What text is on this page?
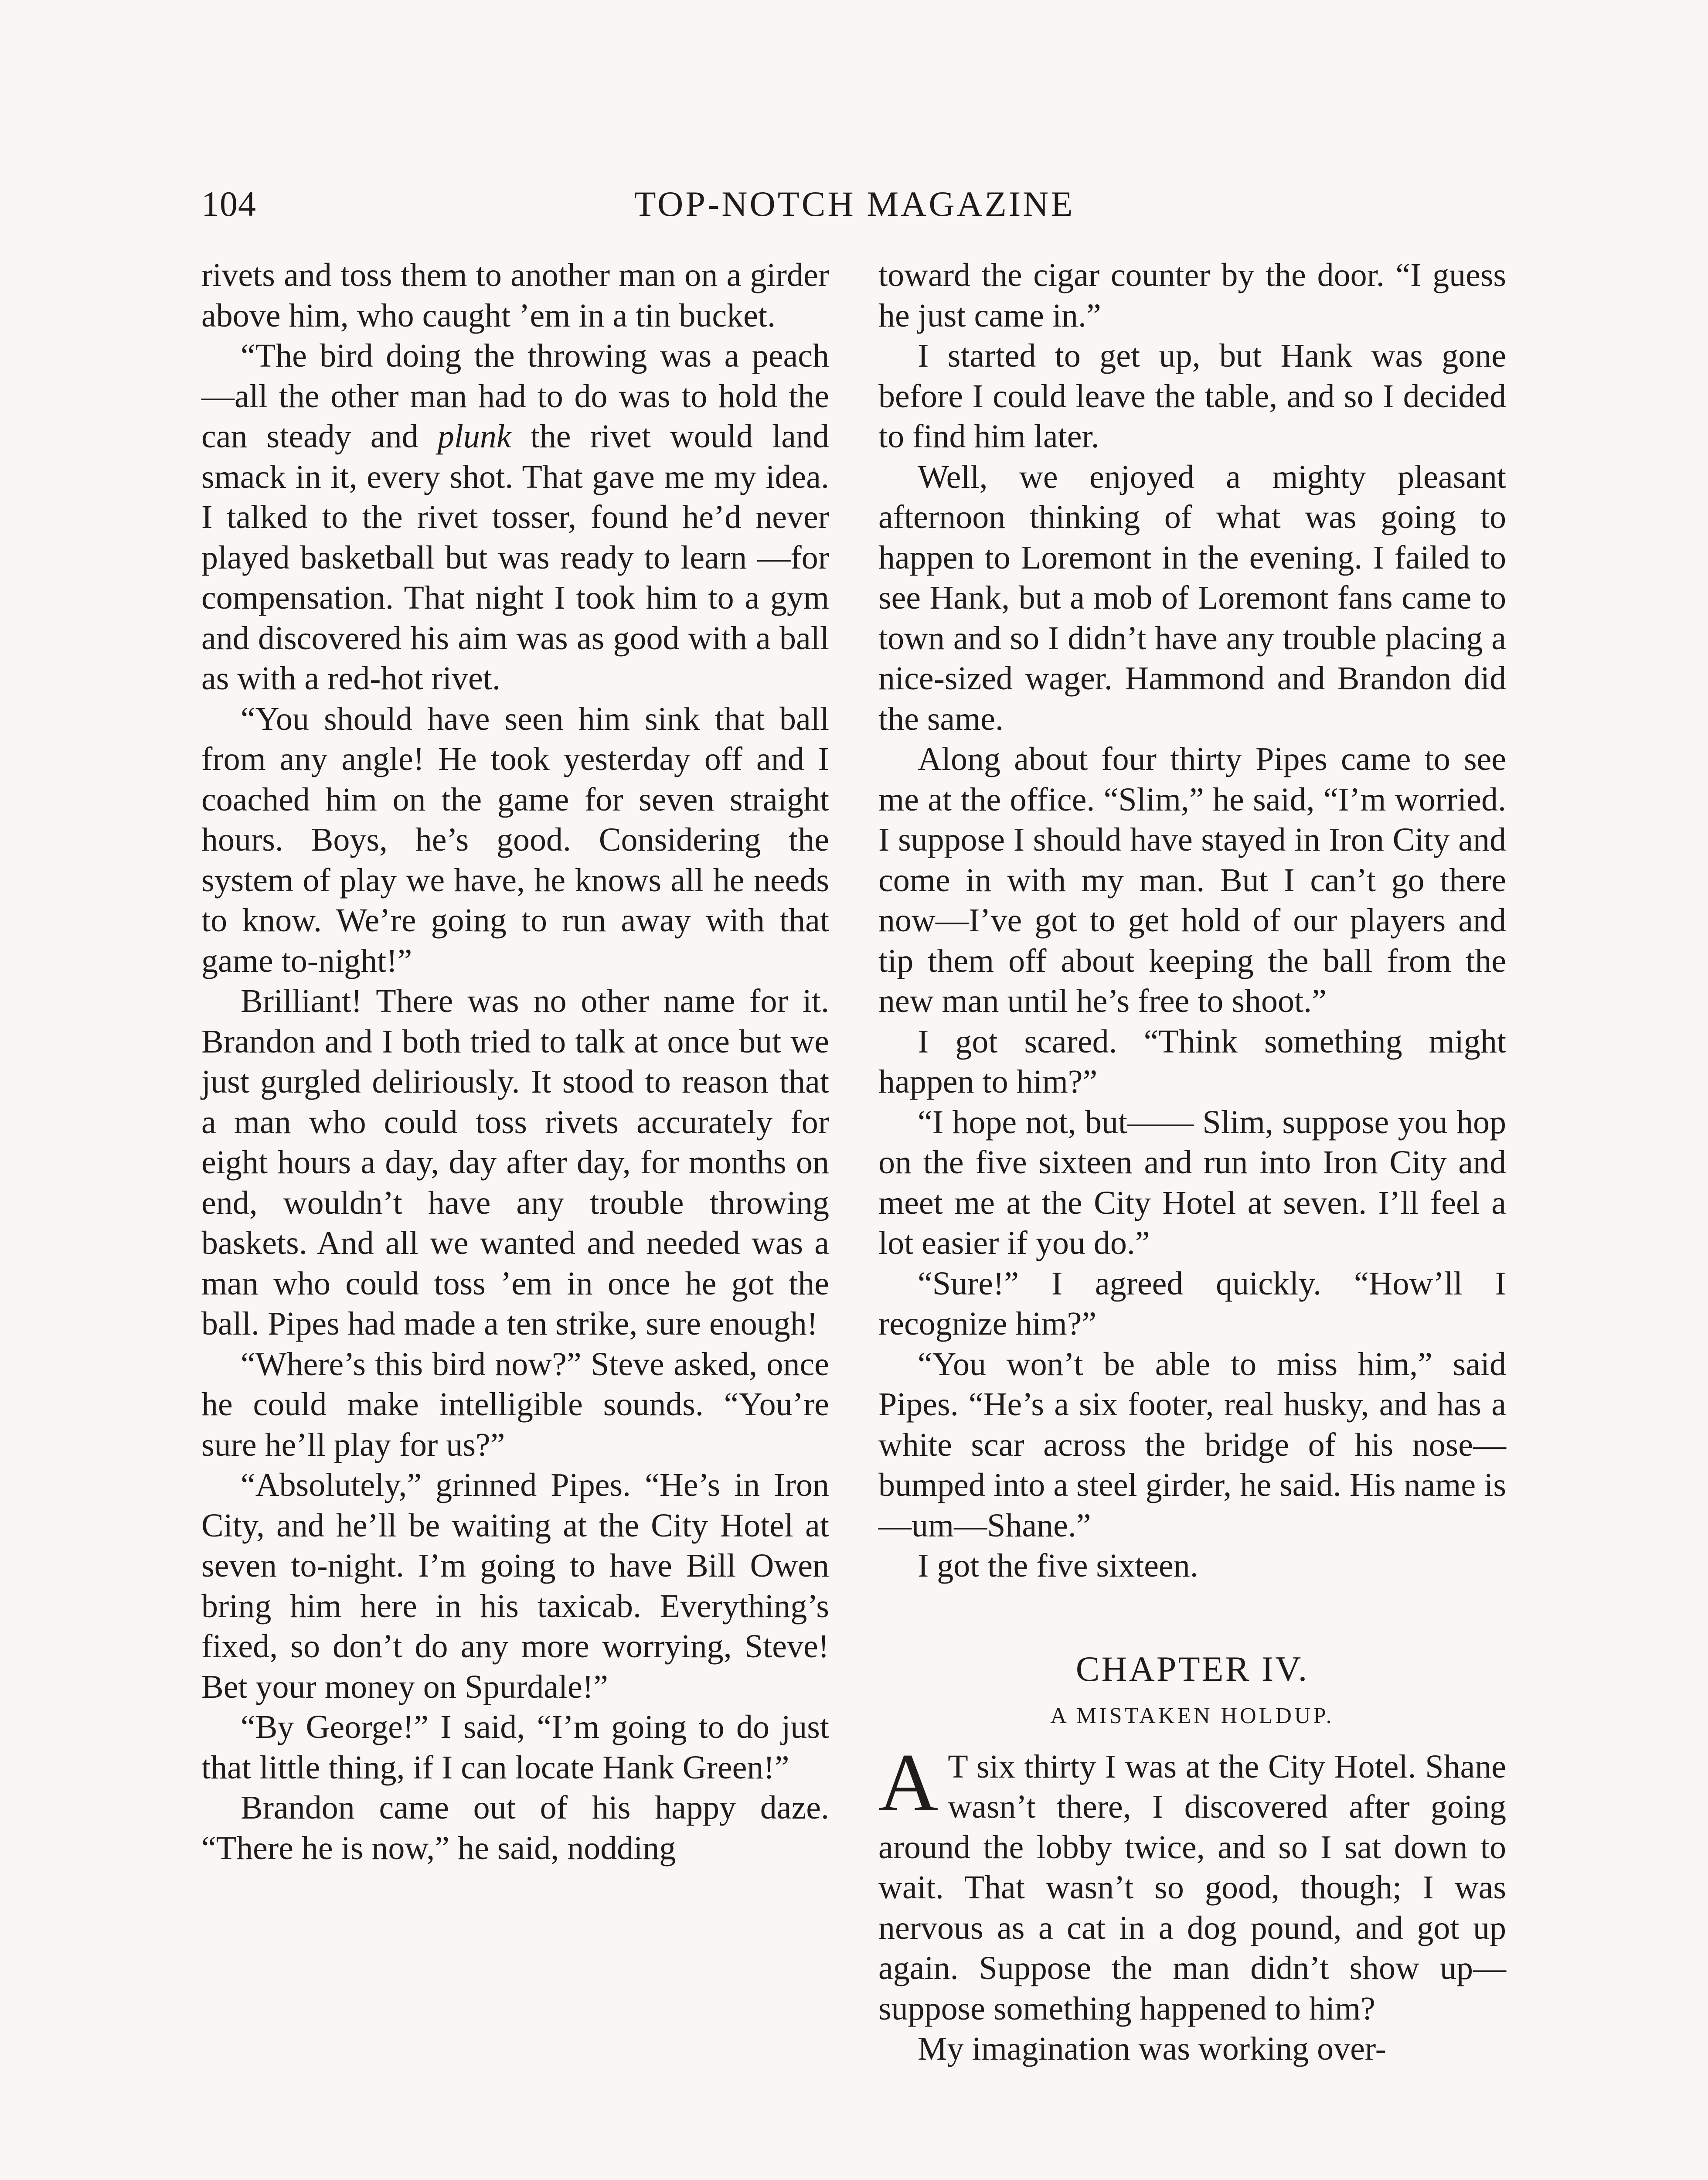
104	TOP-NOTCH MAGAZINE

rivets and toss them to another man on a girder above him, who caught ’em in a tin bucket.

“The bird doing the throwing was a peach—all the other man had to do was to hold the can steady and plunk the rivet would land smack in it, every shot. That gave me my idea. I talked to the rivet tosser, found he’d never played basketball but was ready to learn —for compensation. That night I took him to a gym and discovered his aim was as good with a ball as with a red-hot rivet.

“You should have seen him sink that ball from any angle! He took yesterday off and I coached him on the game for seven straight hours. Boys, he’s good. Considering the system of play we have, he knows all he needs to know. We’re going to run away with that game to-night!”

Brilliant! There was no other name for it. Brandon and I both tried to talk at once but we just gurgled deliriously. It stood to reason that a man who could toss rivets accurately for eight hours a day, day after day, for months on end, wouldn’t have any trouble throwing baskets. And all we wanted and needed was a man who could toss ’em in once he got the ball. Pipes had made a ten strike, sure enough!

“Where’s this bird now?” Steve asked, once he could make intelligible sounds. “You’re sure he’ll play for us?”

“Absolutely,” grinned Pipes. “He’s in Iron City, and he’ll be waiting at the City Hotel at seven to-night. I’m going to have Bill Owen bring him here in his taxicab. Everything’s fixed, so don’t do any more worrying, Steve! Bet your money on Spurdale!”

“By George!” I said, “I’m going to do just that little thing, if I can locate Hank Green!”

Brandon came out of his happy daze. “There he is now,” he said, nodding

toward the cigar counter by the door. “I guess he just came in.”

I started to get up, but Hank was gone before I could leave the table, and so I decided to find him later.

Well, we enjoyed a mighty pleasant afternoon thinking of what was going to happen to Loremont in the evening. I failed to see Hank, but a mob of Loremont fans came to town and so I didn’t have any trouble placing a nice-sized wager. Hammond and Brandon did the same.

Along about four thirty Pipes came to see me at the office. “Slim,” he said, “I’m worried. I suppose I should have stayed in Iron City and come in with my man. But I can’t go there now—I’ve got to get hold of our players and tip them off about keeping the ball from the new man until he’s free to shoot.”

I got scared. “Think something might happen to him?”

“I hope not, but—— Slim, suppose you hop on the five sixteen and run into Iron City and meet me at the City Hotel at seven. I’ll feel a lot easier if you do.”

“Sure!” I agreed quickly. “How’ll I recognize him?”

“You won’t be able to miss him,” said Pipes. “He’s a six footer, real husky, and has a white scar across the bridge of his nose—bumped into a steel girder, he said. His name is—um—Shane.”

I got the five sixteen.

CHAPTER IV.
A MISTAKEN HOLDUP.

A T six thirty I was at the City Hotel. Shane wasn’t there, I discovered after going around the lobby twice, and so I sat down to wait. That wasn’t so good, though; I was nervous as a cat in a dog pound, and got up again. Suppose the man didn’t show up—suppose something happened to him?

My imagination was working over-
